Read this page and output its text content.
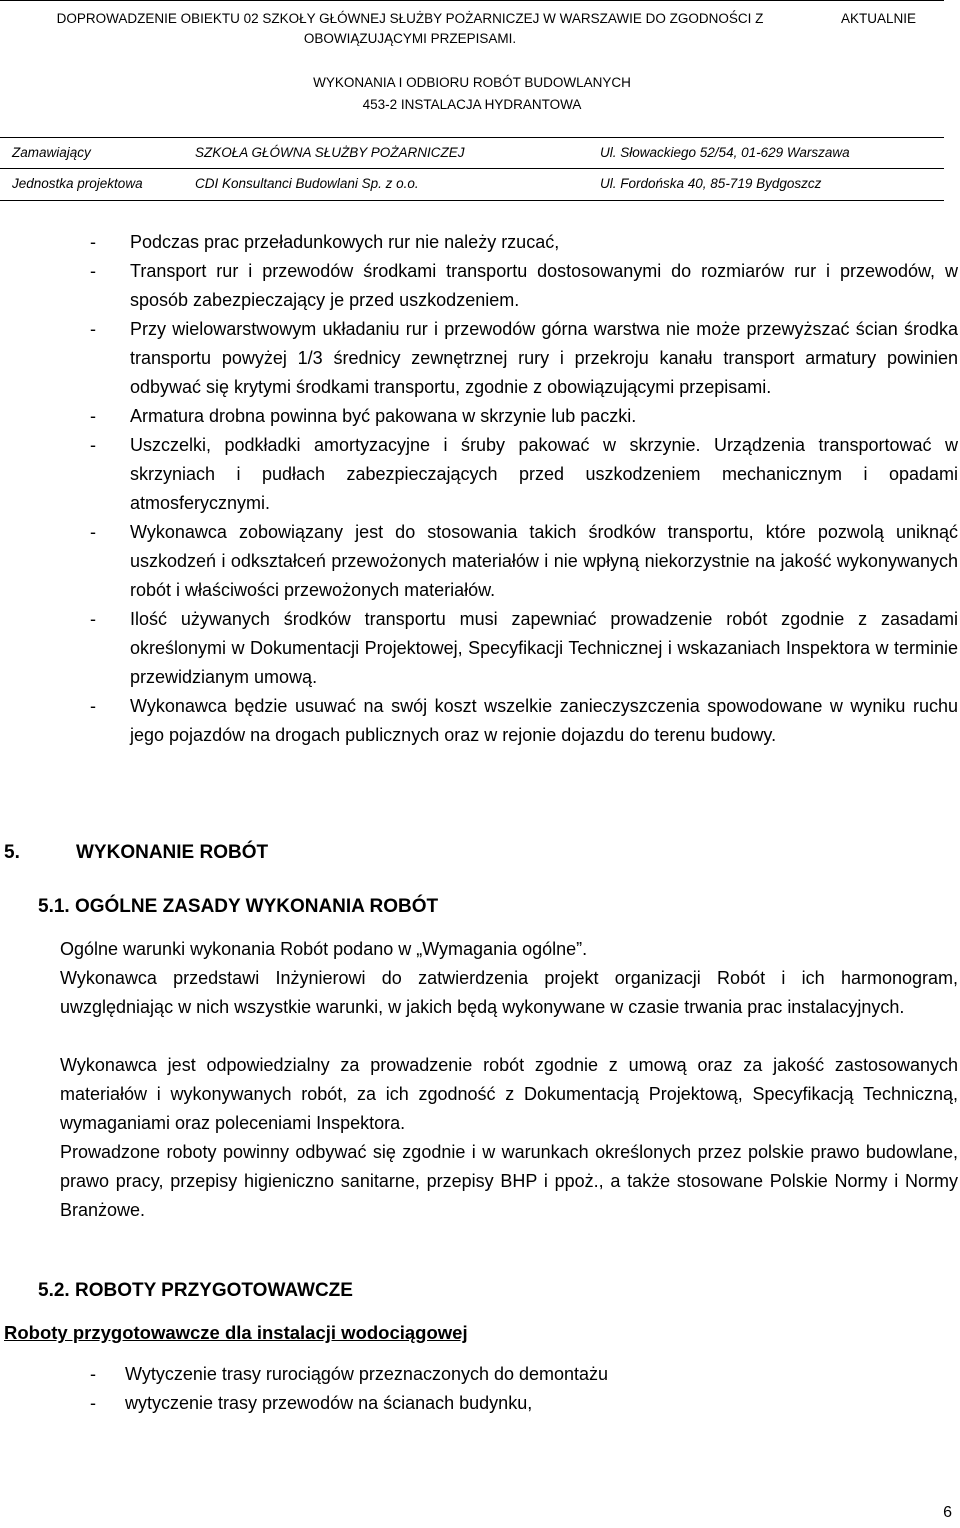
DOPROWADZENIE OBIEKTU 02 SZKOŁY GŁÓWNEJ SŁUŻBY POŻARNICZEJ W WARSZAWIE DO ZGODNOŚCI Z OBOWIĄZUJĄCYMI PRZEPISAMI.
AKTUALNIE
WYKONANIA I ODBIORU ROBÓT BUDOWLANYCH
453-2 INSTALACJA HYDRANTOWA
Zamawiający	SZKOŁA GŁÓWNA SŁUŻBY POŻARNICZEJ	Ul. Słowackiego 52/54, 01-629 Warszawa
Jednostka projektowa	CDI Konsultanci Budowlani Sp. z o.o.	Ul. Fordońska 40, 85-719 Bydgoszcz
- Podczas prac przeładunkowych rur nie należy rzucać,
- Transport rur i przewodów środkami transportu dostosowanymi do rozmiarów rur i przewodów, w sposób zabezpieczający je przed uszkodzeniem.
- Przy wielowarstwowym układaniu rur i przewodów górna warstwa nie może przewyższać ścian środka transportu powyżej 1/3 średnicy zewnętrznej rury i przekroju kanału transport armatury powinien odbywać się krytymi środkami transportu, zgodnie z obowiązującymi przepisami.
- Armatura drobna powinna być pakowana w skrzynie lub paczki.
- Uszczelki, podkładki amortyzacyjne i śruby pakować w skrzynie. Urządzenia transportować w skrzyniach i pudłach zabezpieczających przed uszkodzeniem mechanicznym i opadami atmosferycznymi.
- Wykonawca zobowiązany jest do stosowania takich środków transportu, które pozwolą uniknąć uszkodzeń i odkształceń przewożonych materiałów i nie wpłyną niekorzystnie na jakość wykonywanych robót i właściwości przewożonych materiałów.
- Ilość używanych środków transportu musi zapewniać prowadzenie robót zgodnie z zasadami określonymi w Dokumentacji Projektowej, Specyfikacji Technicznej i wskazaniach Inspektora w terminie przewidzianym umową.
- Wykonawca będzie usuwać na swój koszt wszelkie zanieczyszczenia spowodowane w wyniku ruchu jego pojazdów na drogach publicznych oraz w rejonie dojazdu do terenu budowy.
5.	WYKONANIE ROBÓT
5.1. OGÓLNE ZASADY WYKONANIA ROBÓT

Ogólne warunki wykonania Robót podano w „Wymagania ogólne”.

Wykonawca przedstawi Inżynierowi do zatwierdzenia projekt organizacji Robót i ich harmonogram, uwzględniając w nich wszystkie warunki, w jakich będą wykonywane w czasie trwania prac instalacyjnych.

Wykonawca jest odpowiedzialny za prowadzenie robót zgodnie z umową oraz za jakość zastosowanych materiałów i wykonywanych robót, za ich zgodność z Dokumentacją Projektową, Specyfikacją Techniczną, wymaganiami oraz poleceniami Inspektora.

Prowadzone roboty powinny odbywać się zgodnie i w warunkach określonych przez polskie prawo budowlane, prawo pracy, przepisy higieniczno sanitarne, przepisy BHP i ppoż., a także stosowane Polskie Normy i Normy Branżowe.

5.2. ROBOTY PRZYGOTOWAWCZE
Roboty przygotowawcze dla instalacji wodociągowej
- Wytyczenie trasy rurociągów przeznaczonych do demontażu
- wytyczenie trasy przewodów na ścianach budynku,
6
